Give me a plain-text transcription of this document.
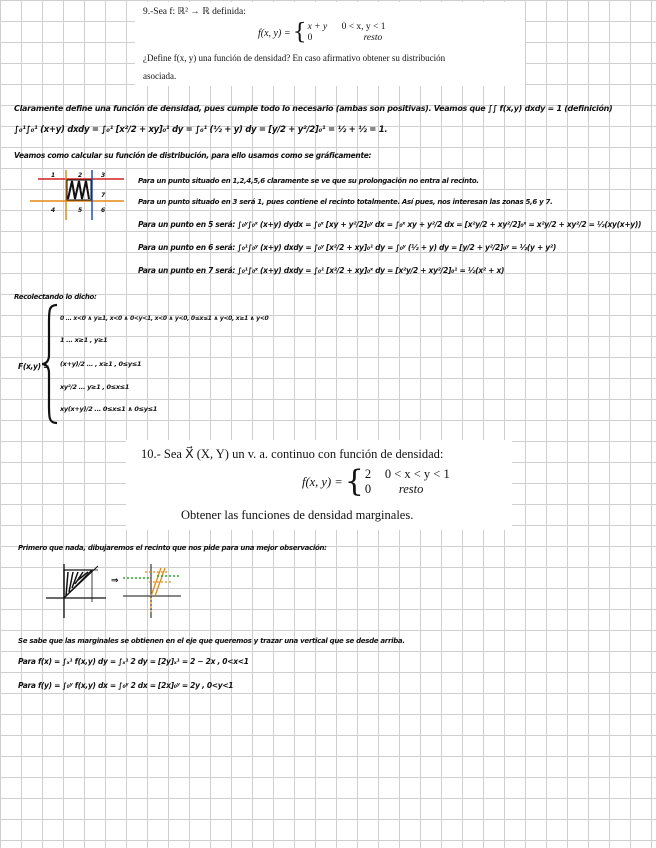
9.-Sea f: ℝ² → ℝ definida:
f(x, y) = { x + y 0 < x, y < 1
0	resto
¿Define f(x, y) una función de densidad? En caso afirmativo obtener su distribución
asociada.
Claramente define una función de densidad, pues cumple todo lo necesario (ambas son positivas). Veamos que ∫∫ f(x,y) dxdy = 1 (definición)
∫₀¹∫₀¹ (x+y) dxdy = ∫₀¹ [x²/2 + xy]₀¹ dy = ∫₀¹ (½ + y) dy = [y/2 + y²/2]₀¹ = ½ + ½ = 1.
Veamos como calcular su función de distribución, para ello usamos como se gráficamente:
1	2	3
4	5	6
7
Para un punto situado en 1,2,4,5,6 claramente se ve que su prolongación no entra al recinto.
Para un punto situado en 3 será 1, pues contiene el recinto totalmente. Así pues, nos interesan las zonas 5,6 y 7.
Para un punto en 5 será: ∫₀ʸ∫₀ˣ (x+y) dydx = ∫₀ˣ [xy + y²/2]₀ʸ dx = ∫₀ˣ xy + y²/2 dx = [x²y/2 + xy²/2]₀ˣ = x²y/2 + xy²/2 = ½(xy(x+y))
Para un punto en 6 será: ∫₀¹∫₀ʸ (x+y) dxdy = ∫₀ʸ [x²/2 + xy]₀¹ dy = ∫₀ʸ (½ + y) dy = [y/2 + y²/2]₀ʸ = ½(y + y²)
Para un punto en 7 será: ∫₀¹∫₀ˣ (x+y) dxdy = ∫₀¹ [x²/2 + xy]₀ˣ dy = [x²y/2 + xy²/2]₀¹ = ½(x² + x)
Recolectando lo dicho:
F(x,y) =
0 ... x<0 ∧ y≥1, x<0 ∧ 0<y<1, x<0 ∧ y<0, 0≤x≤1 ∧ y<0, x≥1 ∧ y<0
1 ... x≥1 , y≥1
(x+y)/2 ... , x≥1 , 0≤y≤1
xy²/2 ... y≥1 , 0≤x≤1
xy(x+y)/2 ... 0≤x≤1 ∧ 0≤y≤1
10.- Sea X⃗ (X, Y) un v. a. continuo con función de densidad:
f(x, y) = { 2 0 < x < y < 1
0 resto
Obtener las funciones de densidad marginales.
Primero que nada, dibujaremos el recinto que nos pide para una mejor observación:
⇒
Se sabe que las marginales se obtienen en el eje que queremos y trazar una vertical que se desde arriba.
Para f(x) = ∫ₓ¹ f(x,y) dy = ∫ₓ¹ 2 dy = [2y]ₓ¹ = 2 − 2x , 0<x<1
Para f(y) = ∫₀ʸ f(x,y) dx = ∫₀ʸ 2 dx = [2x]₀ʸ = 2y , 0<y<1
